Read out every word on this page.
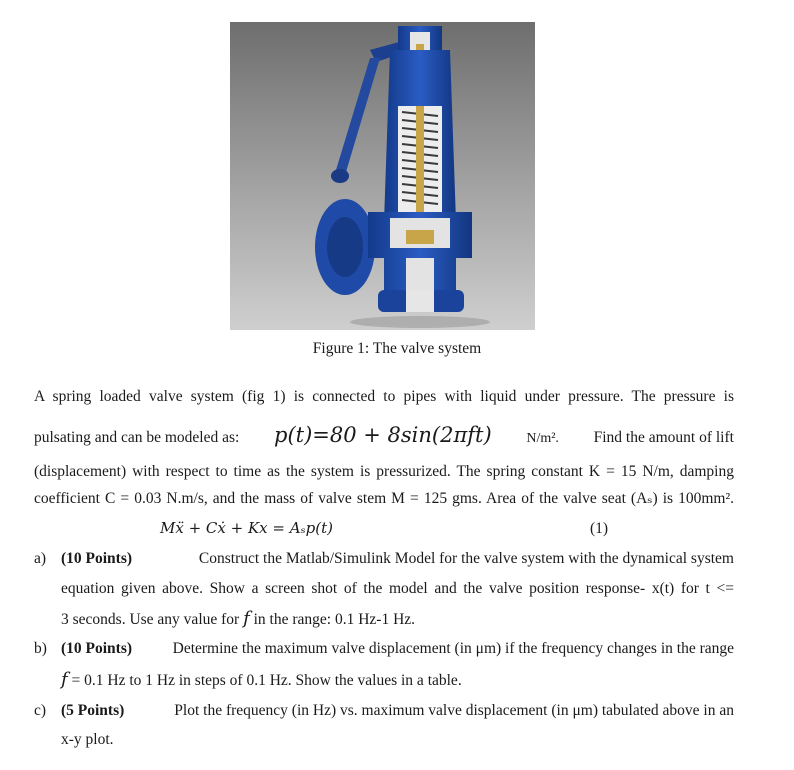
Figure 1: The valve system
A spring loaded valve system (fig 1) is connected to pipes with liquid under pressure. The pressure is
pulsating and can be modeled as: p(t)=80 + 8sin(2πft) N/m². Find the amount of lift
(displacement) with respect to time as the system is pressurized. The spring constant K = 15 N/m, damping
coefficient C = 0.03 N.m/s, and the mass of valve stem M = 125 gms. Area of the valve seat (Aₛ) is 100mm².
Mẍ + Cẋ + Kx = Aₛp(t)	(1)
a) (10 Points)	Construct the Matlab/Simulink Model for the valve system with the dynamical system
equation given above. Show a screen shot of the model and the valve position response- x(t) for t <=
3 seconds. Use any value for f in the range: 0.1 Hz-1 Hz.
b) (10 Points)	Determine the maximum valve displacement (in μm) if the frequency changes in the range
f = 0.1 Hz to 1 Hz in steps of 0.1 Hz. Show the values in a table.
c) (5 Points)	Plot the frequency (in Hz) vs. maximum valve displacement (in μm) tabulated above in an
x-y plot.
